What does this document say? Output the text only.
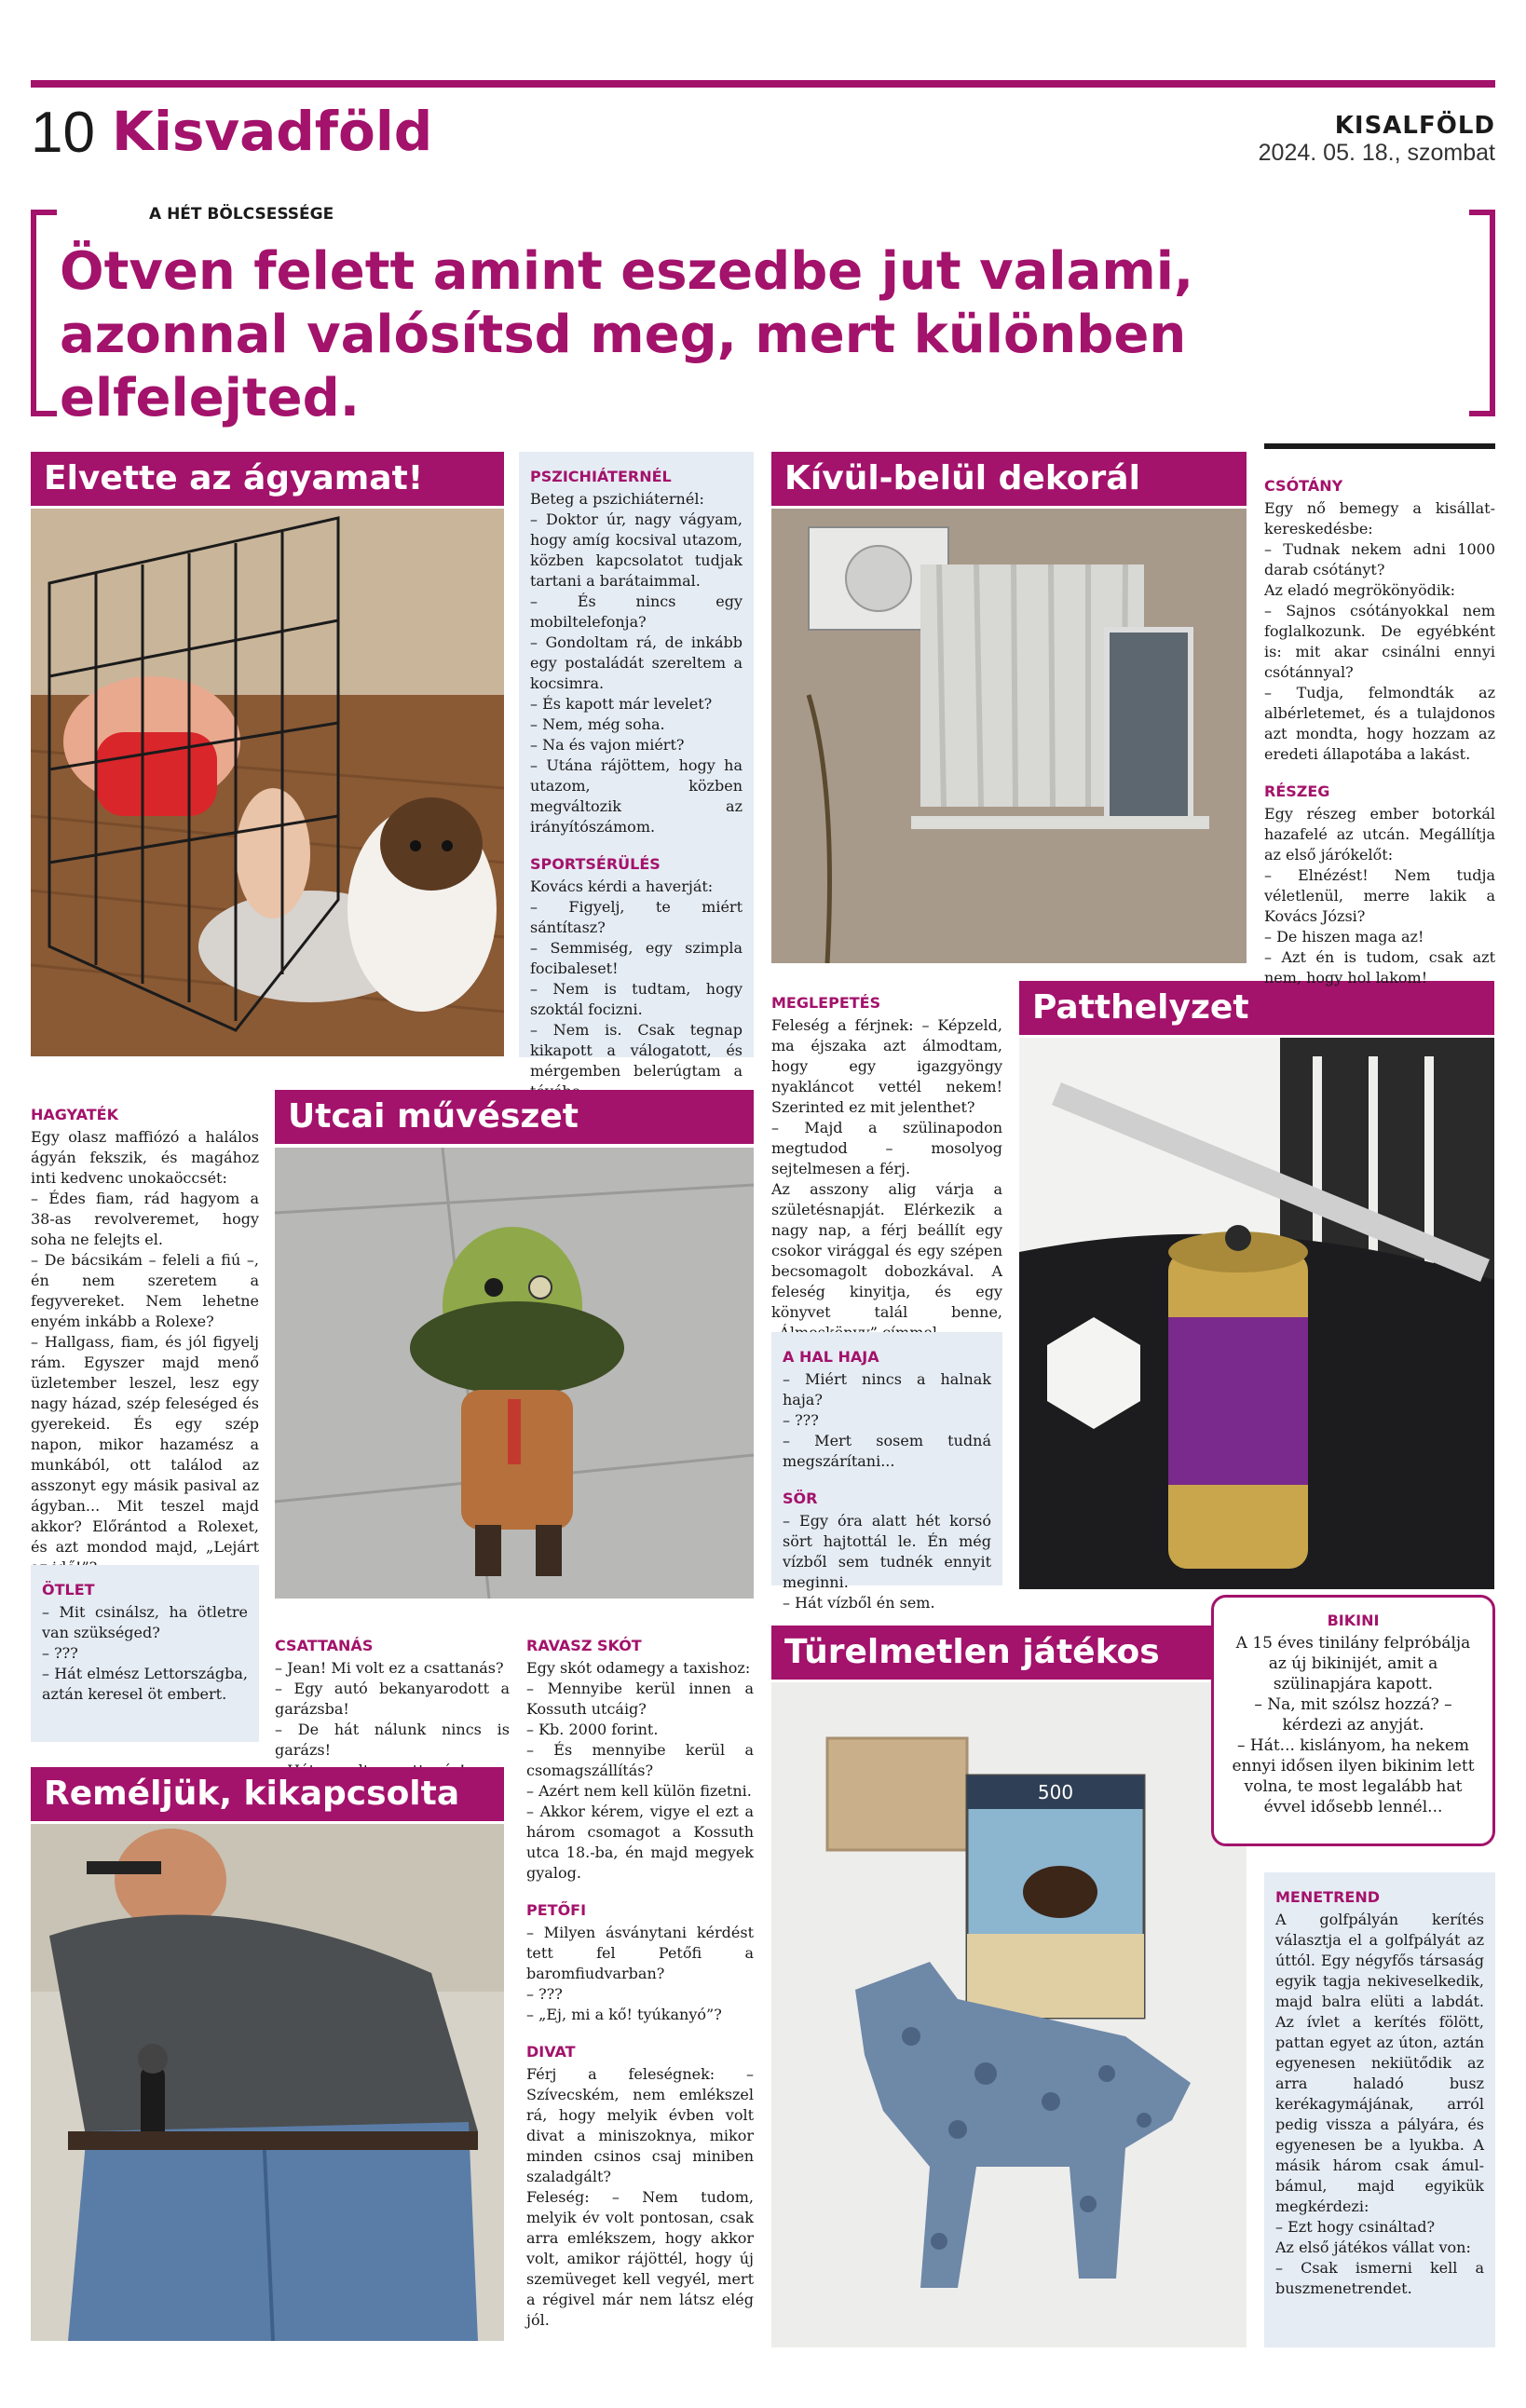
10 Kisvadföld	KISALFÖLD
2024. 05. 18., szombat
A HÉT BÖLCSESSÉGE
Ötven felett amint eszedbe jut valami, azonnal valósítsd meg, mert különben elfelejted.
Elvette az ágyamat!	PSZICHIÁTERNÉL
Beteg a pszichiáternél:
– Doktor úr, nagy vágyam, hogy amíg kocsival utazom, közben kapcsolatot tudjak tartani a barátaimmal.
– És nincs egy mobiltelefonja?
– Gondoltam rá, de inkább egy postaládát szereltem a kocsimra.
– És kapott már levelet?
– Nem, még soha.
– Na és vajon miért?
– Utána rájöttem, hogy ha utazom, közben megváltozik az irányítószámom.
SPORTSÉRÜLÉS
Kovács kérdi a haverját:
– Figyelj, te miért sántítasz?
– Semmiség, egy szimpla focibaleset!
– Nem is tudtam, hogy szoktál focizni.
– Nem is. Csak tegnap kikapott a válogatott, és mérgemben belerúgtam a
HAGYATÉK
Egy olasz maffiózó a halálos ágyán fekszik, és magához inti kedvenc unokaöccsét:
– Édes fiam, rád hagyom a 38-as revolveremet, hogy soha ne felejts el.
– De bácsikám – feleli a fiú –, én nem szeretem a fegyvereket. Nem lehetne enyém inkább a Rolexe?
– Hallgass, fiam, és jól figyelj rám. Egyszer majd menő üzletember leszel, lesz egy nagy házad, szép feleséged és gyerekeid. És egy szép napon, mikor hazamész a munkából, ott találod az asszonyt egy másik pasival az ágyban... Mit teszel majd akkor? Előrántod a Rolexet, és azt mondod majd, „Lejárt
ÖTLET
– Mit csinálsz, ha ötletre van szükséged?
– ???
– Hát elmész Lettországba, aztán keresel öt embert.
Utcai művészet
CSATTANÁS
– Jean! Mi volt ez a csattanás?
– Egy autó bekanyarodott a garázsba!
– De hát nálunk nincs is garázs!

RAVASZ SKÓT
Egy skót odamegy a taxishoz:
– Mennyibe kerül innen a Kossuth utcáig?
– Kb. 2000 forint.
– És mennyibe kerül a csomagszállítás?
– Azért nem kell külön fizetni.
– Akkor kérem, vigye el ezt a három csomagot a Kossuth utca 18.-ba, én majd megyek gyalog.
PETŐFI
– Milyen ásványtani kérdést tett fel Petőfi a baromfiudvarban?
– ???
– „Ej, mi a kő! tyúkanyó”?
DIVAT
Férj a feleségnek: – Szívecském, nem emlékszel rá, hogy melyik évben volt divat a miniszoknya, mikor minden csinos csaj miniben szaladgált?
Feleség: – Nem tudom, melyik év volt pontosan, csak arra emlékszem, hogy akkor volt, amikor rájöttél, hogy új szemüveget kell vegyél, mert a régivel már nem látsz elég jól.
Reméljük, kikapcsolta
Kívül-belül dekorál
MEGLEPETÉS
Feleség a férjnek: – Képzeld, ma éjszaka azt álmodtam, hogy egy igazgyöngy nyakláncot vettél nekem! Szerinted ez mit jelenthet?
– Majd a szülinapodon megtudod – mosolyog sejtelmesen a férj.
Az asszony alig várja a születésnapját. Elérkezik a nagy nap, a férj beállít egy csokor virággal és egy szépen becsomagolt dobozkával. A feleség kinyitja, és egy könyvet talál benne,
A HAL HAJA
– Miért nincs a halnak haja?
– ???
– Mert sosem tudná megszárítani...
SÖR
– Egy óra alatt hét korsó sört hajtottál le. Én még vízből sem tudnék ennyit meginni.
– Hát vízből én sem.
Patthelyzet
CSÓTÁNY
Egy nő bemegy a kisállat-kereskedésbe:
– Tudnak nekem adni 1000 darab csótányt?
Az eladó megrökönyödik:
– Sajnos csótányokkal nem foglalkozunk. De egyébként is: mit akar csinálni ennyi csótánnyal?
– Tudja, felmondták az albérletemet, és a tulajdonos azt mondta, hogy hozzam az eredeti állapotába a lakást.
RÉSZEG
Egy részeg ember botorkál hazafelé az utcán. Megállítja az első járókelőt:
– Elnézést! Nem tudja véletlenül, merre lakik a Kovács Józsi?
– De hiszen maga az!
– Azt én is tudom, csak azt nem, hogy hol lakom!
Türelmetlen játékos
500
BIKINI
A 15 éves tinilány felpróbálja az új bikinijét, amit a szülinapjára kapott.
– Na, mit szólsz hozzá? – kérdezi az anyját.
– Hát... kislányom, ha nekem ennyi idősen ilyen bikinim lett volna, te most legalább hat évvel idősebb lennél...
MENETREND
A golfpályán kerítés választja el a golfpályát az úttól. Egy négyfős társaság egyik tagja nekiveselkedik, majd balra elüti a labdát. Az ívlet a kerítés fölött, pattan egyet az úton, aztán egyenesen nekiütődik az arra haladó busz kerékagymájának, arról pedig vissza a pályára, és egyenesen be a lyukba. A másik három csak ámul-bámul, majd egyikük megkérdezi:
– Ezt hogy csináltad?
Az első játékos vállat von:
– Csak ismerni kell a buszmenetrendet.
